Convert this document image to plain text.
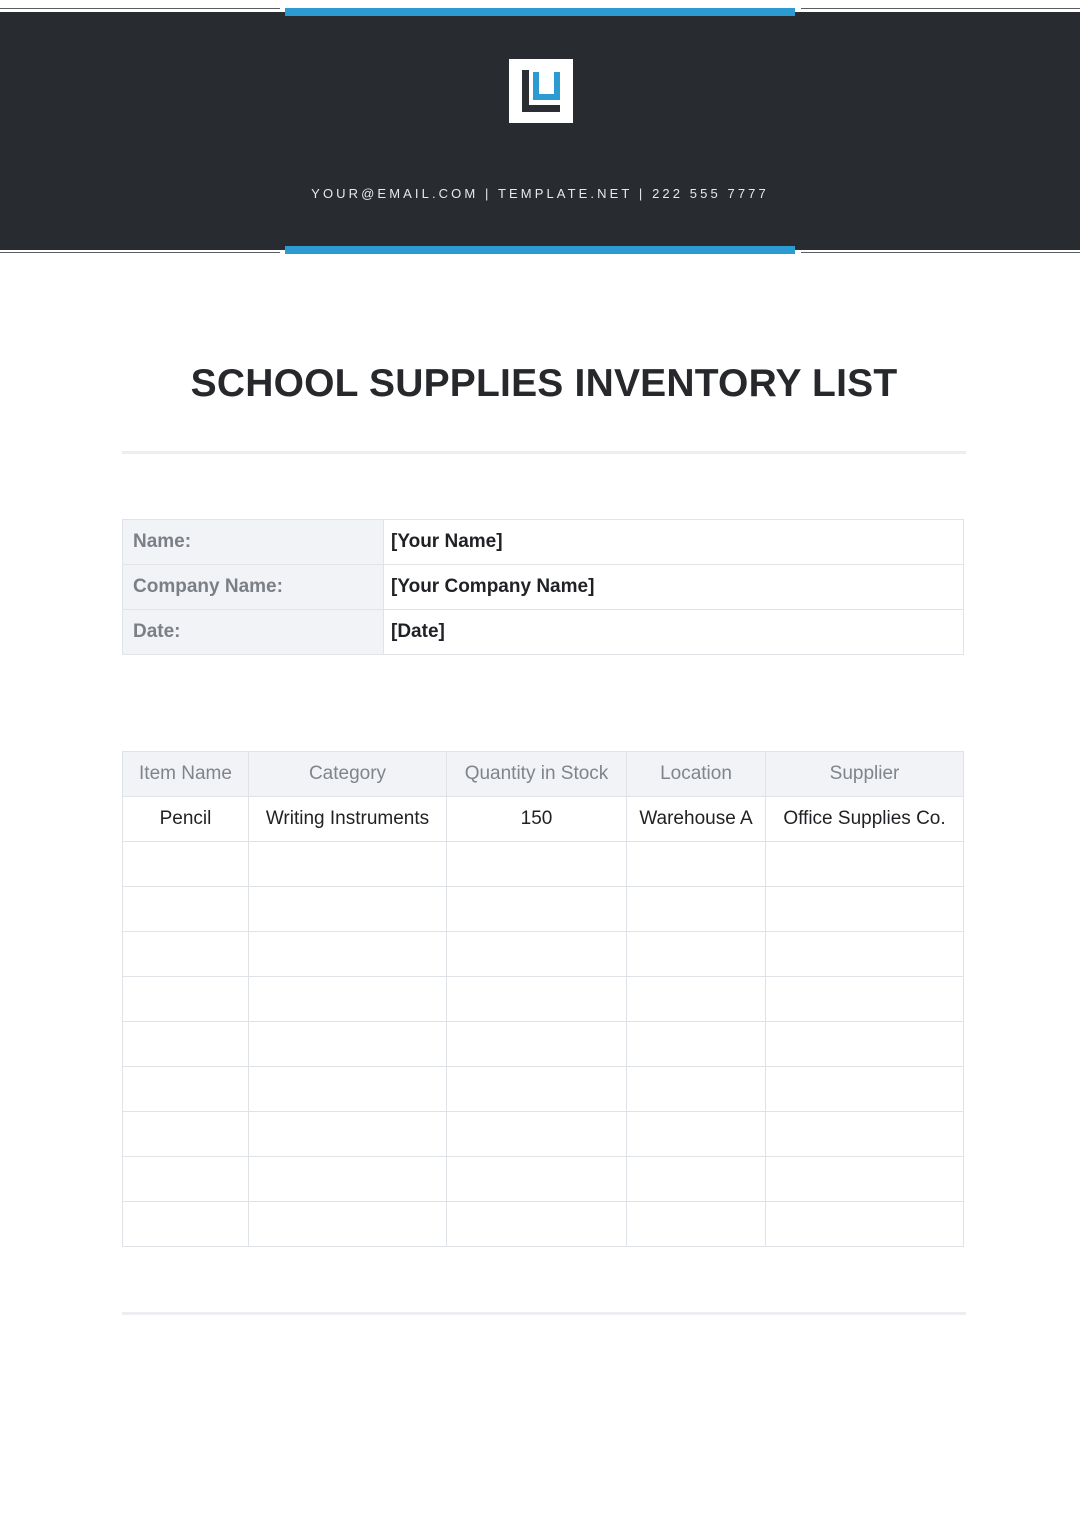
YOUR@EMAIL.COM | TEMPLATE.NET | 222 555 7777
SCHOOL SUPPLIES INVENTORY LIST
Name:	[Your Name]
Company Name:	[Your Company Name]
Date:	[Date]
Item Name	Category	Quantity in Stock	Location	Supplier
Pencil	Writing Instruments	150	Warehouse A	Office Supplies Co.
